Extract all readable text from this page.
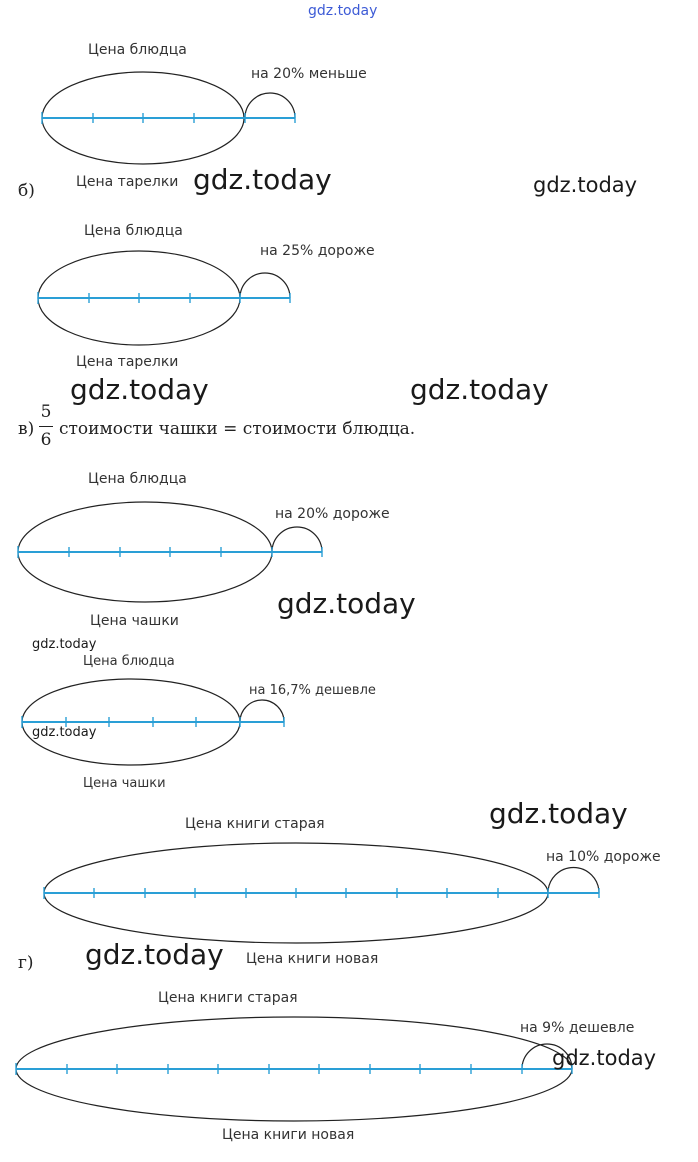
gdz.today
Цена блюдца
на 20% меньше
Цена тарелки gdz.today	gdz.today
б)
Цена блюдца
на 25% дороже
Цена тарелки
gdz.today	gdz.today
в)
5
6
стоимости чашки = стоимости блюдца.
Цена блюдца
на 20% дороже
Цена чашки
gdz.today
gdz.today
Цена блюдца
на 16,7% дешевле
gdz.today
Цена чашки
gdz.today
Цена книги старая
на 10% дороже
Цена книги новая
gdz.today
г)
Цена книги старая
на 9% дешевле
gdz.today
Цена книги новая
